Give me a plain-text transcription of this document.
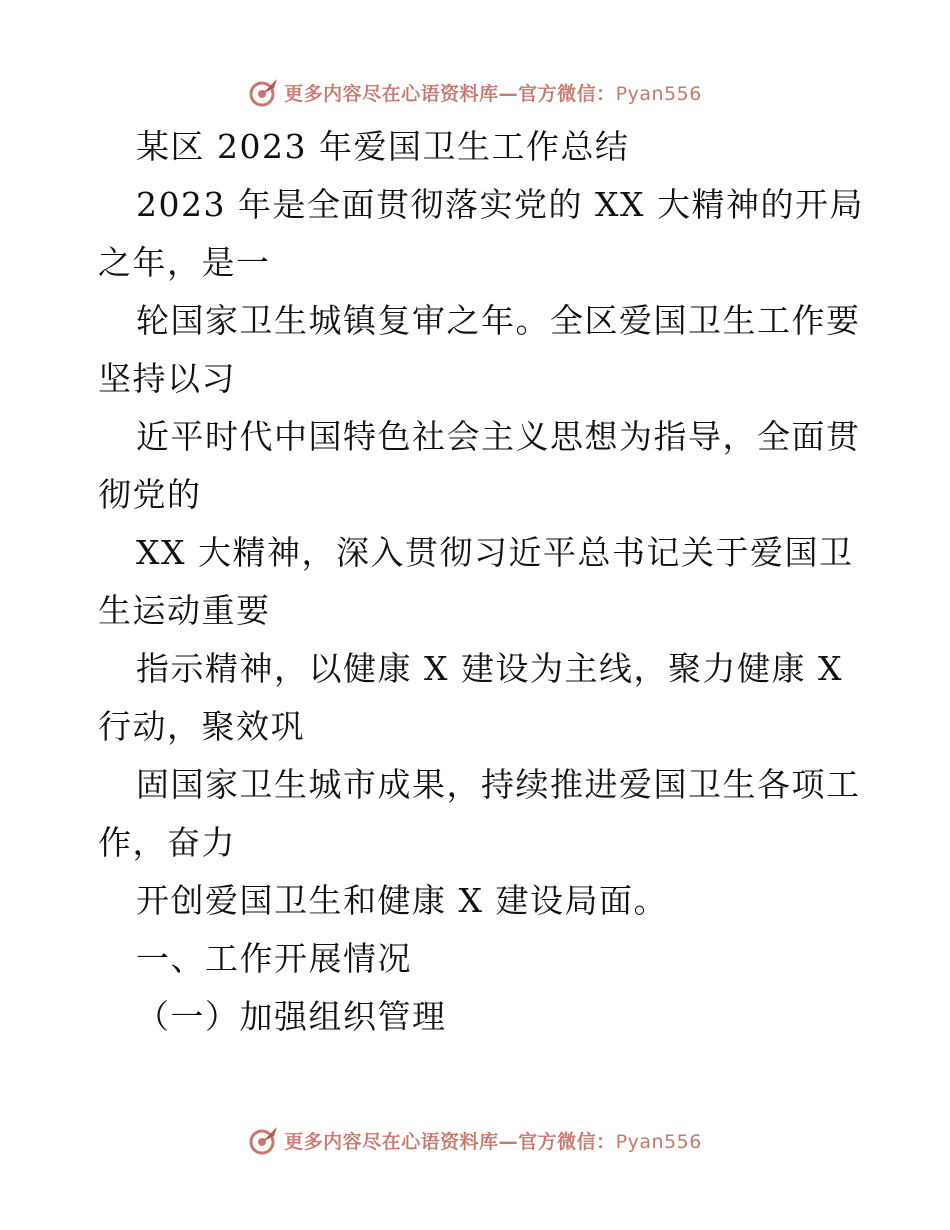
更多内容尽在心语资料库—官方微信：Pyan556
某区 2023 年爱国卫生工作总结
2023 年是全面贯彻落实党的 XX 大精神的开局
之年，是一
轮国家卫生城镇复审之年。全区爱国卫生工作要
坚持以习
近平时代中国特色社会主义思想为指导，全面贯
彻党的
XX 大精神，深入贯彻习近平总书记关于爱国卫
生运动重要
指示精神，以健康 X 建设为主线，聚力健康 X
行动，聚效巩
固国家卫生城市成果，持续推进爱国卫生各项工
作，奋力
开创爱国卫生和健康 X 建设局面。
一、工作开展情况
（一）加强组织管理
更多内容尽在心语资料库—官方微信：Pyan556
